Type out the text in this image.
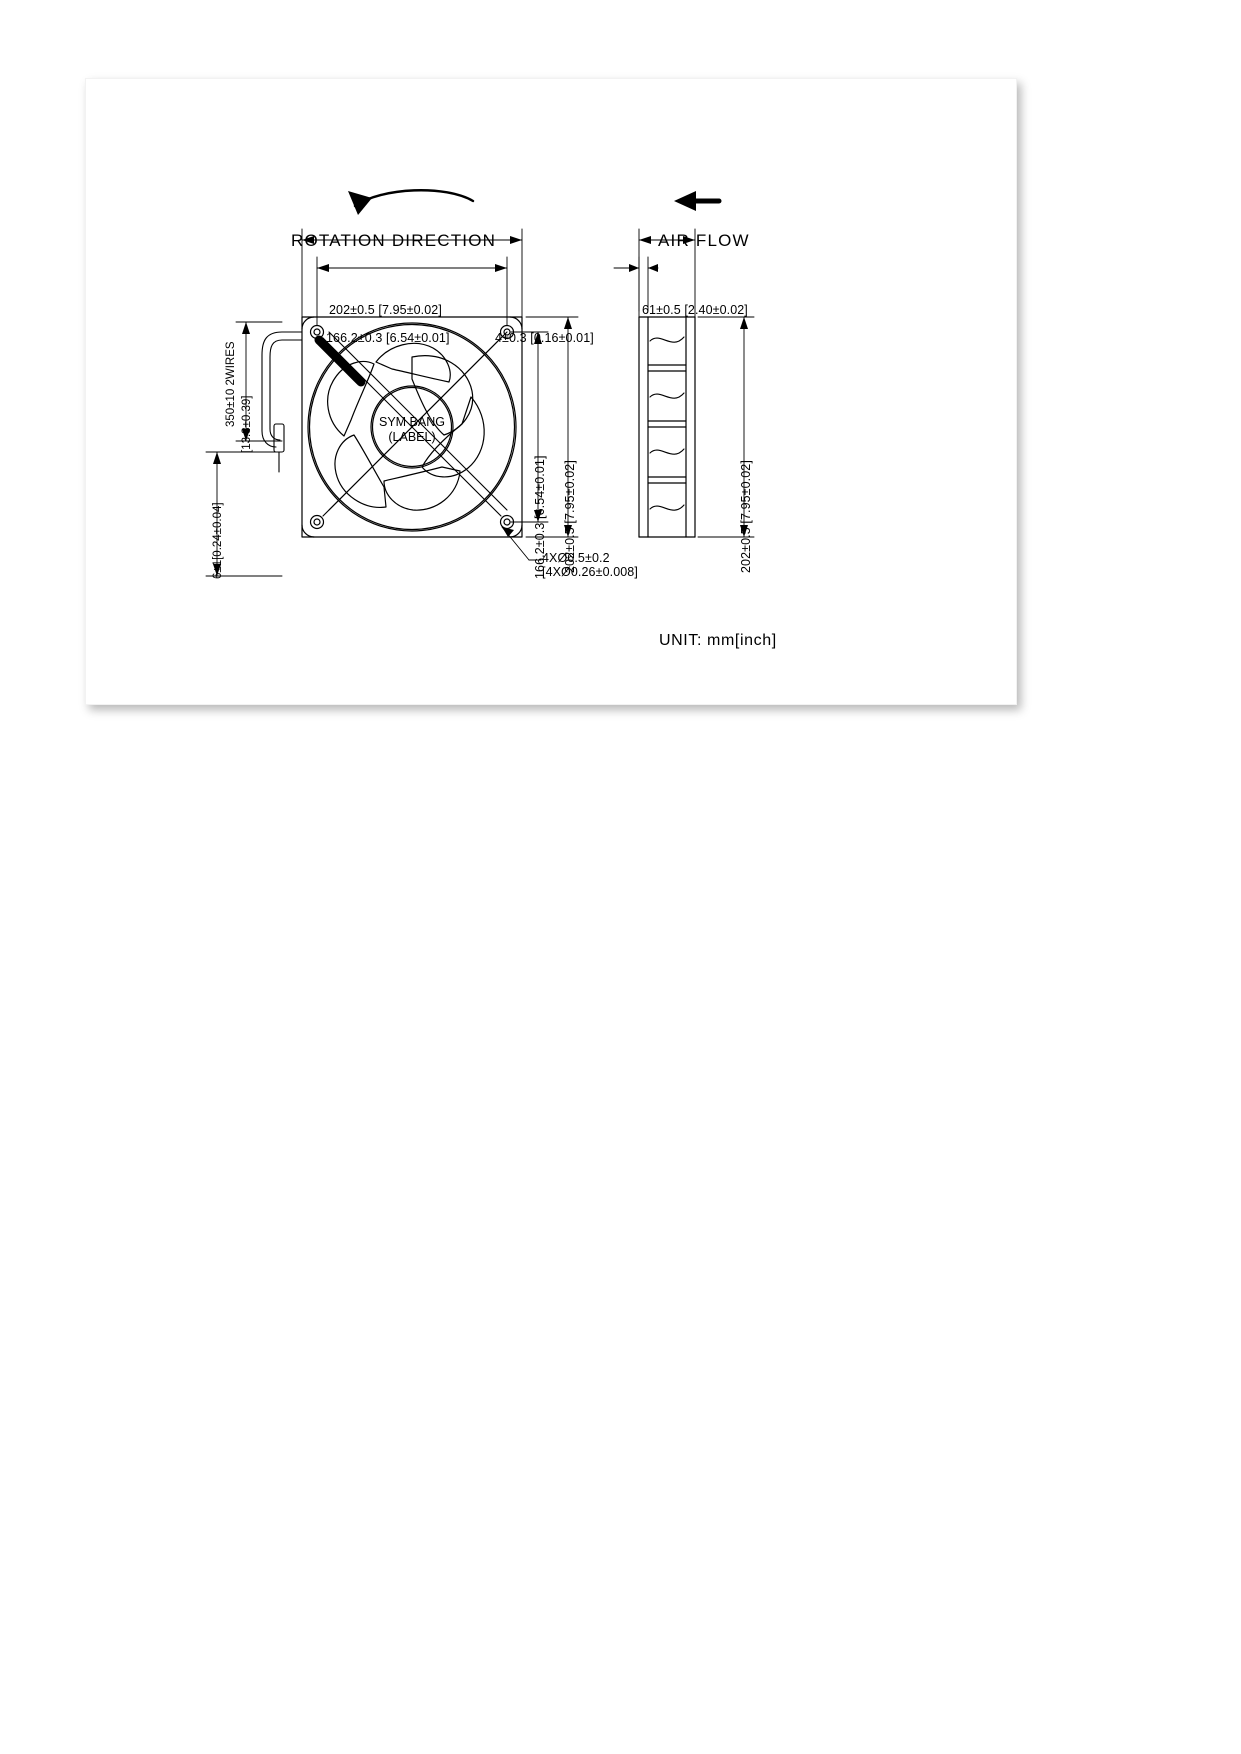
ROTATION DIRECTION	AIR FLOW
202±0.5 [7.95±0.02]
166.2±0.3 [6.54±0.01]
166.2±0.3 [6.54±0.01] 202±0.5 [7.95±0.02]
4XØ6.5±0.2
[4XØ0.26±0.008]
350±10 2WIRES [13.8±0.39]
6±1[0.24±0.04]
SYM BANG
(LABEL)
61±0.5 [2.40±0.02]
4±0.3 [0.16±0.01]
202±0.5 [7.95±0.02]
UNIT: mm[inch]
